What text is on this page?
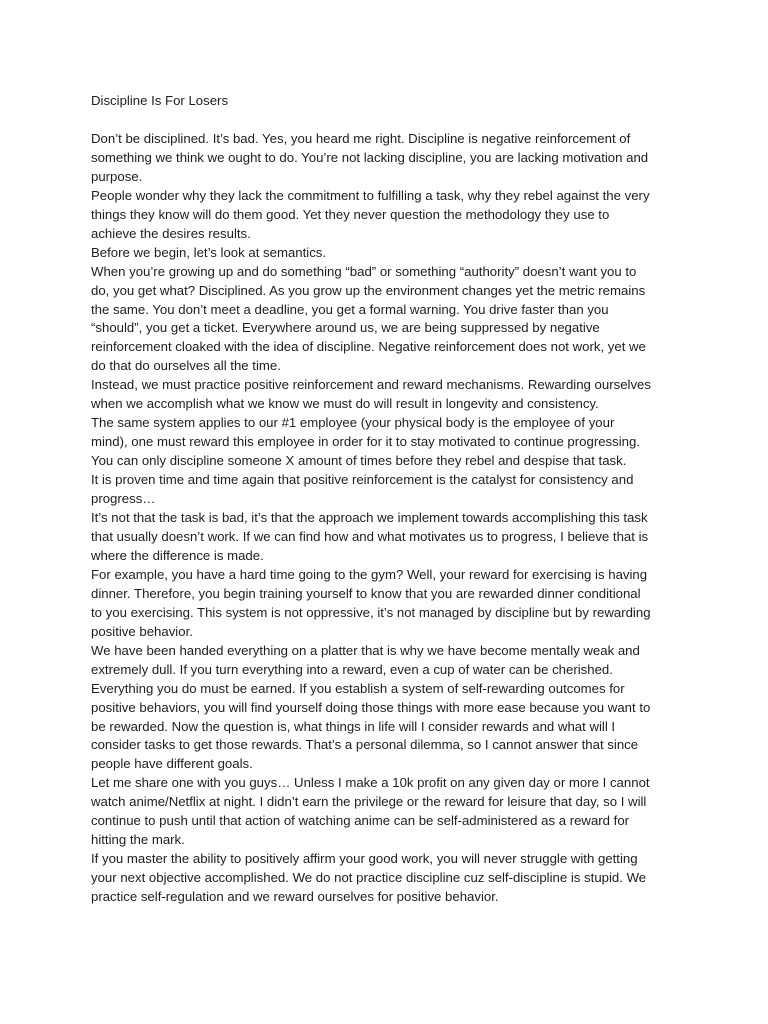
Discipline Is For Losers

Don’t be disciplined. It’s bad. Yes, you heard me right. Discipline is negative reinforcement of
something we think we ought to do. You’re not lacking discipline, you are lacking motivation and
purpose.

People wonder why they lack the commitment to fulfilling a task, why they rebel against the very
things they know will do them good. Yet they never question the methodology they use to
achieve the desires results.

Before we begin, let’s look at semantics.

When you’re growing up and do something “bad” or something “authority” doesn’t want you to
do, you get what? Disciplined. As you grow up the environment changes yet the metric remains
the same. You don’t meet a deadline, you get a formal warning. You drive faster than you
“should”, you get a ticket. Everywhere around us, we are being suppressed by negative
reinforcement cloaked with the idea of discipline. Negative reinforcement does not work, yet we
do that do ourselves all the time.

Instead, we must practice positive reinforcement and reward mechanisms. Rewarding ourselves
when we accomplish what we know we must do will result in longevity and consistency.

The same system applies to our #1 employee (your physical body is the employee of your
mind), one must reward this employee in order for it to stay motivated to continue progressing.
You can only discipline someone X amount of times before they rebel and despise that task.

It is proven time and time again that positive reinforcement is the catalyst for consistency and
progress…

It’s not that the task is bad, it’s that the approach we implement towards accomplishing this task
that usually doesn’t work. If we can find how and what motivates us to progress, I believe that is
where the difference is made.

For example, you have a hard time going to the gym? Well, your reward for exercising is having
dinner. Therefore, you begin training yourself to know that you are rewarded dinner conditional
to you exercising. This system is not oppressive, it’s not managed by discipline but by rewarding
positive behavior.

We have been handed everything on a platter that is why we have become mentally weak and
extremely dull. If you turn everything into a reward, even a cup of water can be cherished.
Everything you do must be earned. If you establish a system of self-rewarding outcomes for
positive behaviors, you will find yourself doing those things with more ease because you want to
be rewarded. Now the question is, what things in life will I consider rewards and what will I
consider tasks to get those rewards. That’s a personal dilemma, so I cannot answer that since
people have different goals.

Let me share one with you guys… Unless I make a 10k profit on any given day or more I cannot
watch anime/Netflix at night. I didn’t earn the privilege or the reward for leisure that day, so I will
continue to push until that action of watching anime can be self-administered as a reward for
hitting the mark.

If you master the ability to positively affirm your good work, you will never struggle with getting
your next objective accomplished. We do not practice discipline cuz self-discipline is stupid. We
practice self-regulation and we reward ourselves for positive behavior.
